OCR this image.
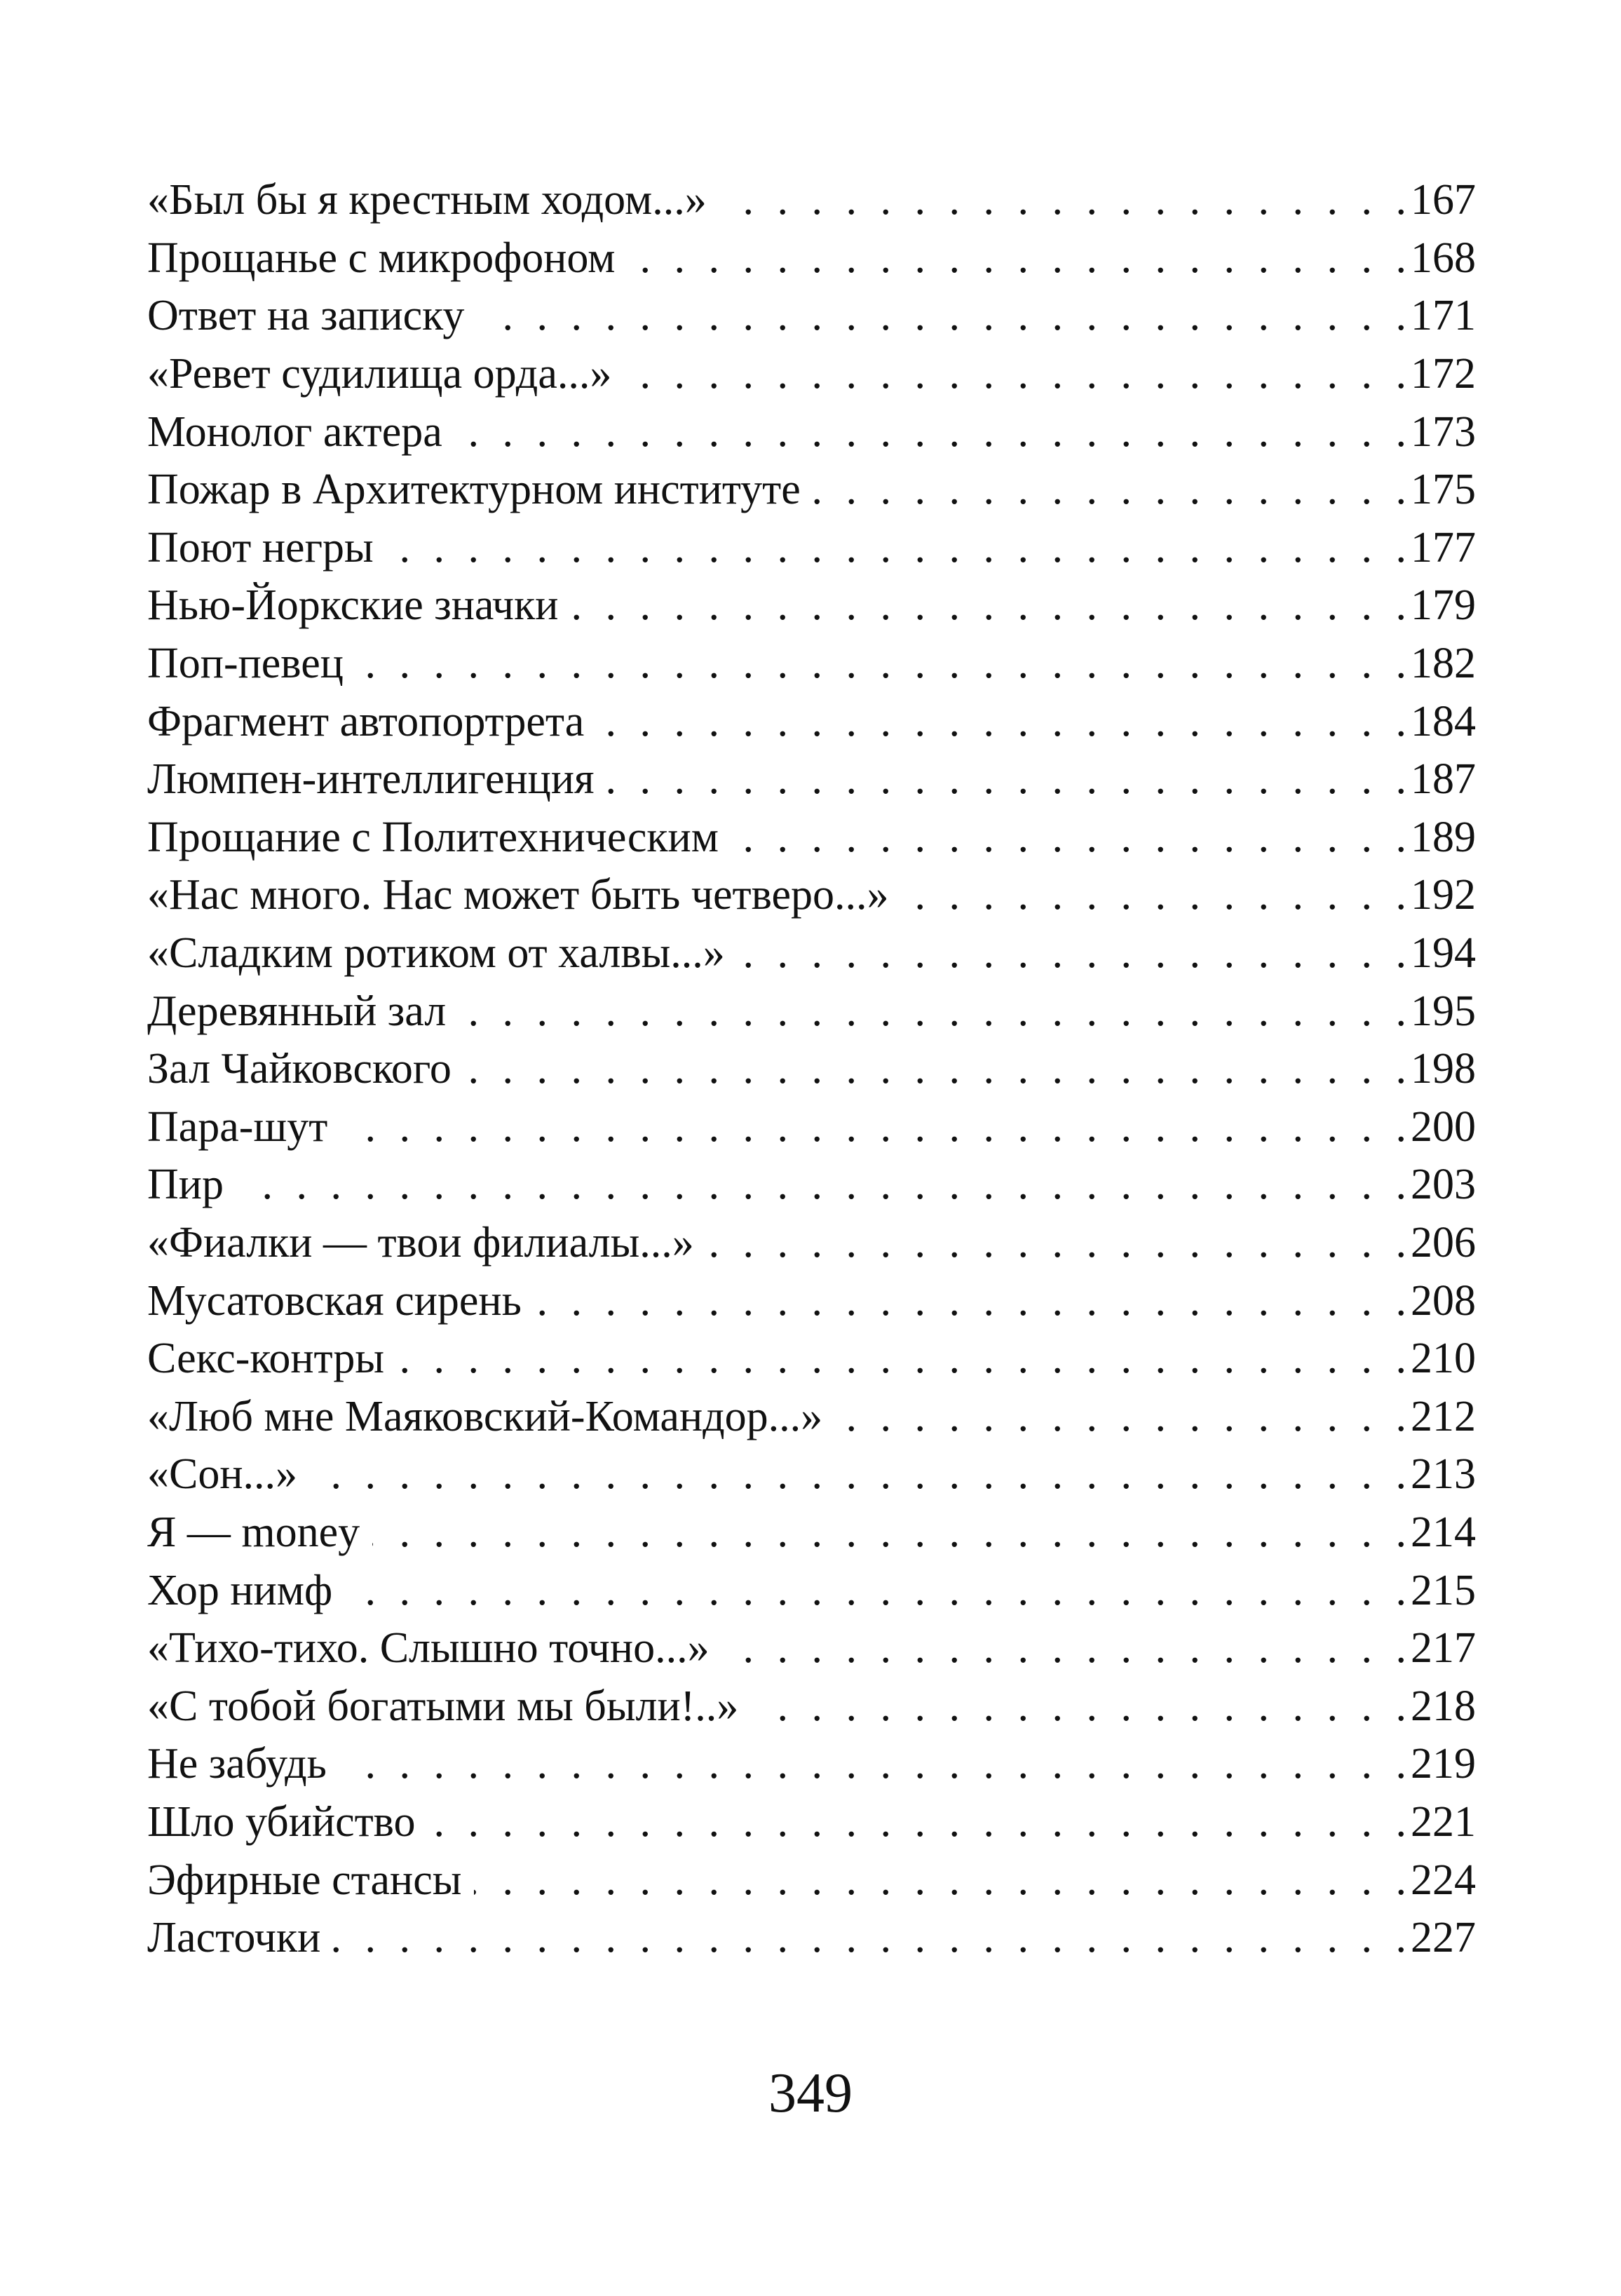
«Был бы я крестным ходом...» . . .	167
Прощанье с микрофоном . . .	168
Ответ на записку . . .	171
«Ревет судилища орда...» . . .	172
Монолог актера . . .	173
Пожар в Архитектурном институте . . .	175
Поют негры . . .	177
Нью-Йоркские значки . . .	179
Поп-певец . . .	182
Фрагмент автопортрета . . .	184
Люмпен-интеллигенция . . .	187
Прощание с Политехническим . . .	189
«Нас много. Нас может быть четверо...» . . .	192
«Сладким ротиком от халвы...» . . .	194
Деревянный зал . . .	195
Зал Чайковского . . .	198
Пара-шут . . .	200
Пир . . .	203
«Фиалки — твои филиалы...» . . .	206
Мусатовская сирень . . .	208
Секс-контры . . .	210
«Люб мне Маяковский-Командор...» . . .	212
«Сон...» . . .	213
Я — money . . .	214
Хор нимф . . .	215
«Тихо-тихо. Слышно точно...» . . .	217
«С тобой богатыми мы были!..» . . .	218
Не забудь . . .	219
Шло убийство . . .	221
Эфирные стансы . . .	224
Ласточки . . .	227
349
